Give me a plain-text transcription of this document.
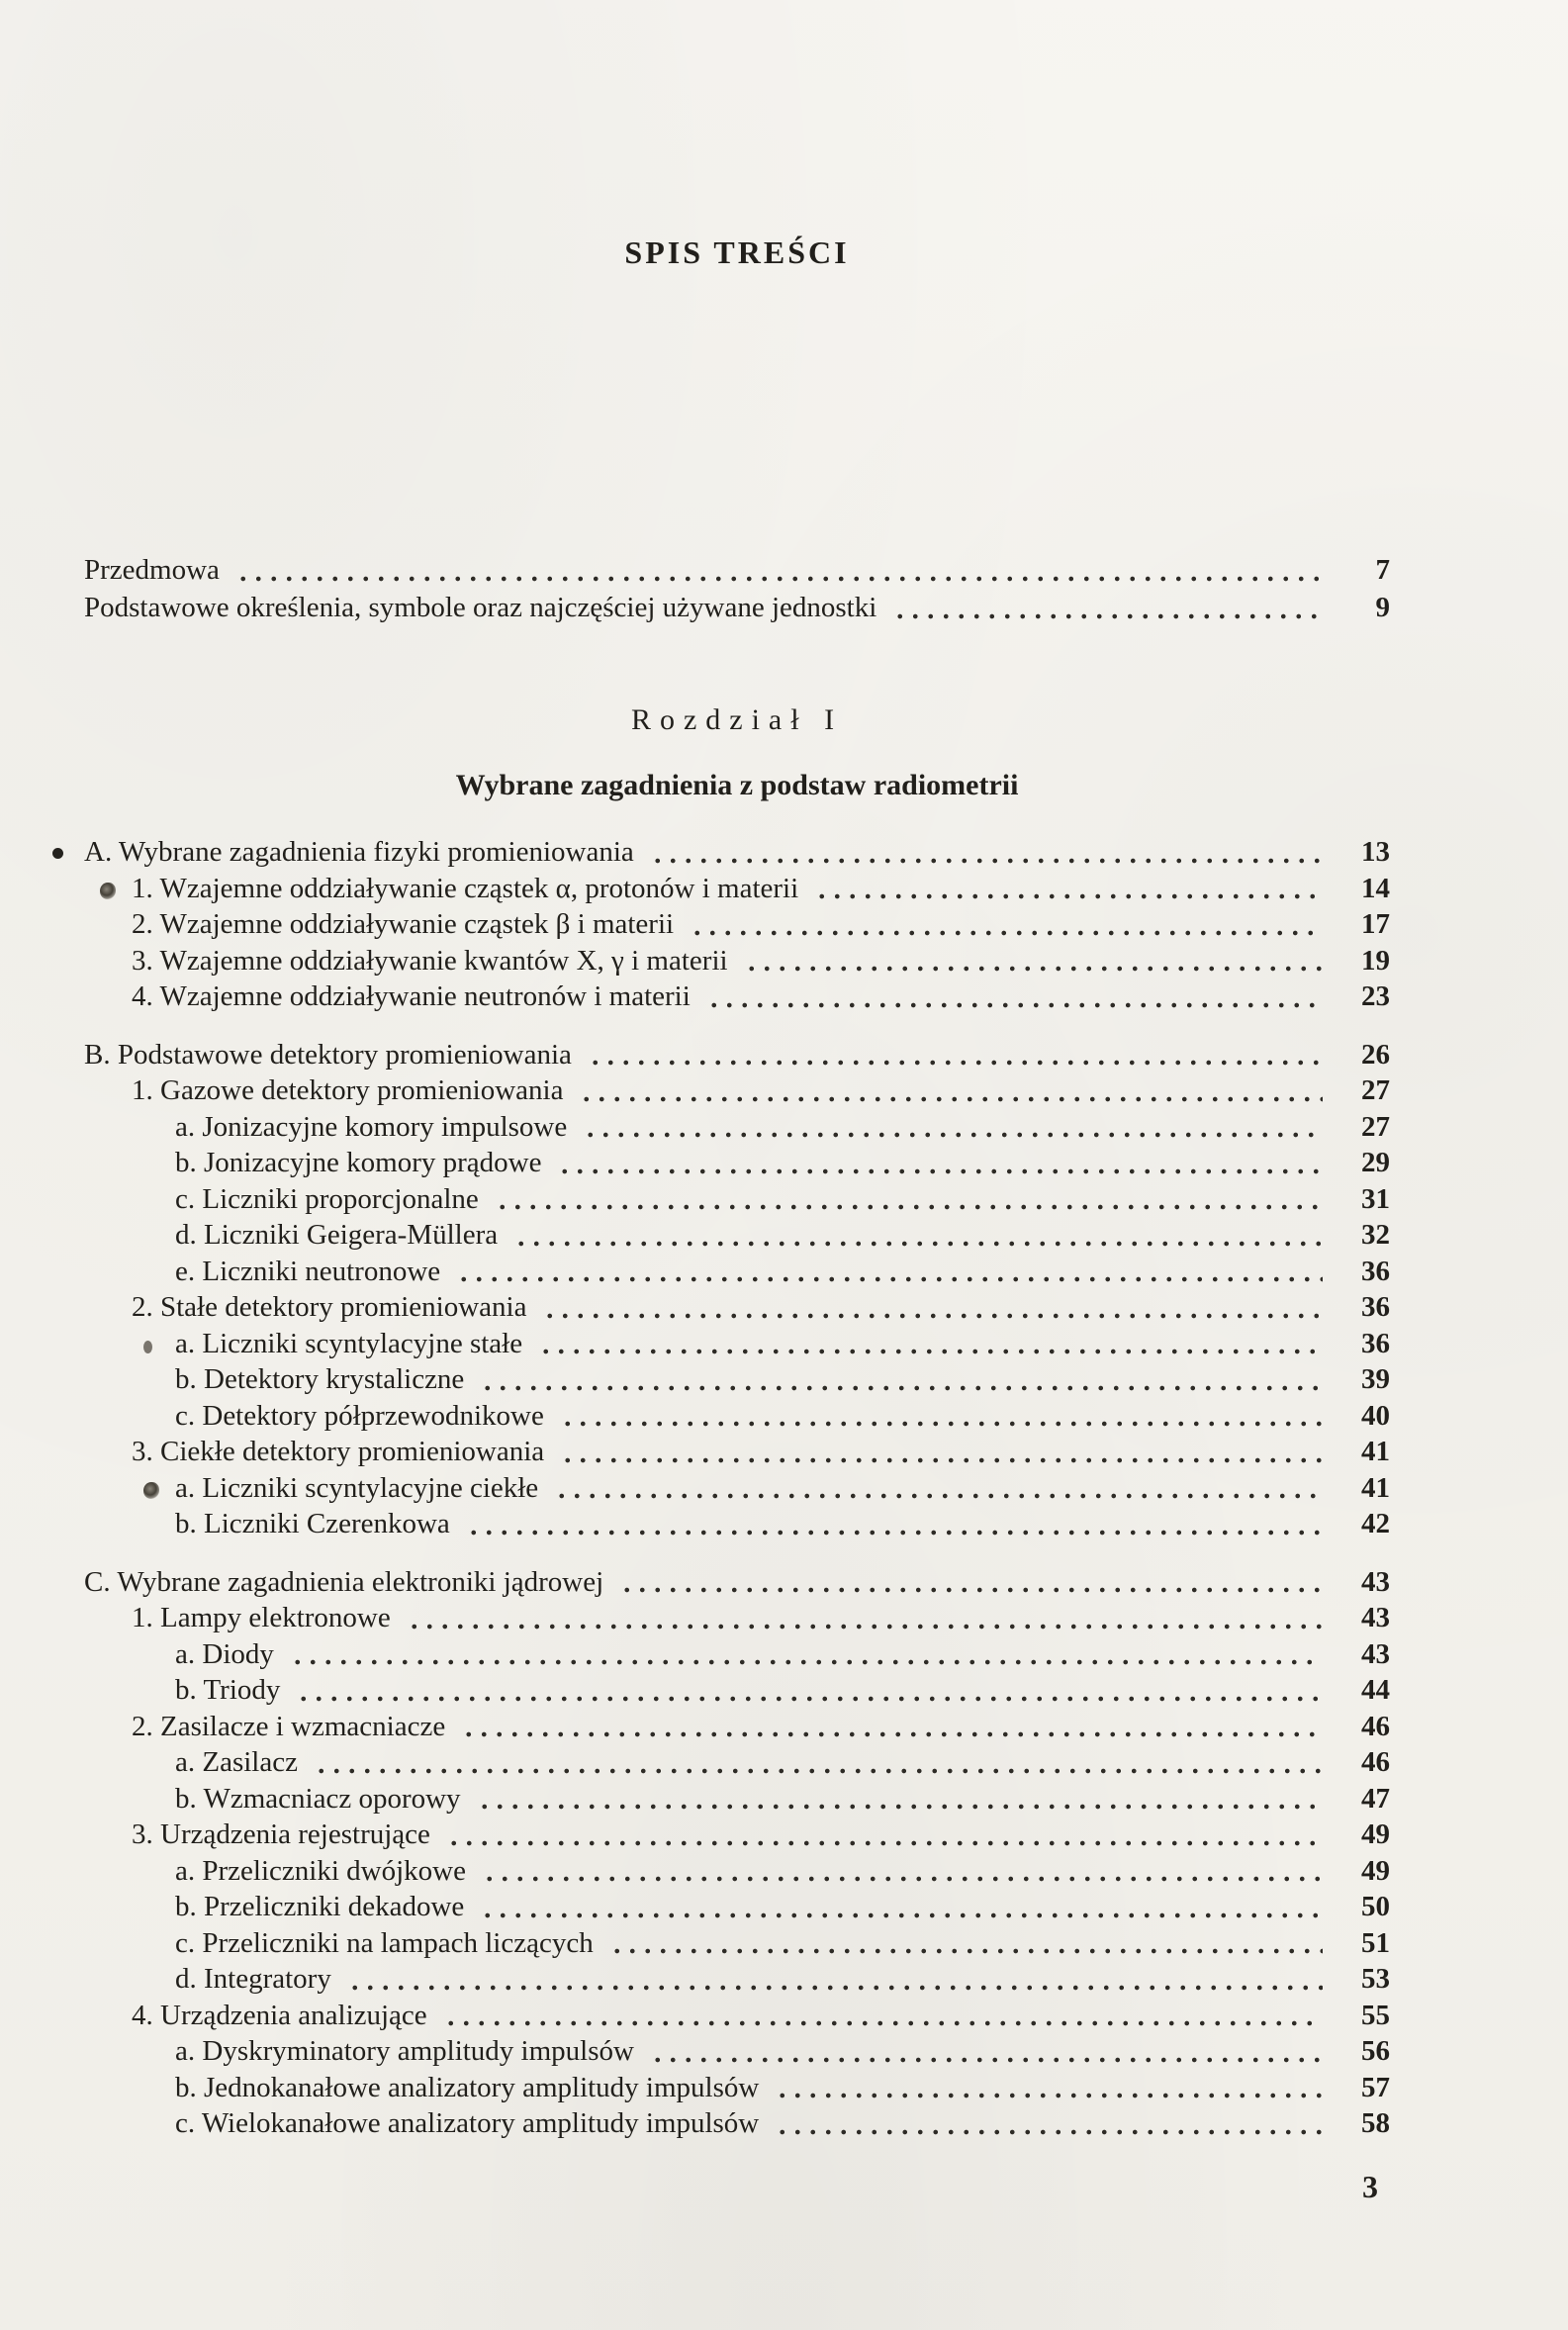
SPIS TREŚCI
Przedmowa	7
Podstawowe określenia, symbole oraz najczęściej używane jednostki	9
Rozdział I
Wybrane zagadnienia z podstaw radiometrii
A. Wybrane zagadnienia fizyki promieniowania	13
1. Wzajemne oddziaływanie cząstek α, protonów i materii	14
2. Wzajemne oddziaływanie cząstek β i materii	17
3. Wzajemne oddziaływanie kwantów X, γ i materii	19
4. Wzajemne oddziaływanie neutronów i materii	23
B. Podstawowe detektory promieniowania	26
1. Gazowe detektory promieniowania	27
a. Jonizacyjne komory impulsowe	27
b. Jonizacyjne komory prądowe	29
c. Liczniki proporcjonalne	31
d. Liczniki Geigera-Müllera	32
e. Liczniki neutronowe	36
2. Stałe detektory promieniowania	36
a. Liczniki scyntylacyjne stałe	36
b. Detektory krystaliczne	39
c. Detektory półprzewodnikowe	40
3. Ciekłe detektory promieniowania	41
a. Liczniki scyntylacyjne ciekłe	41
b. Liczniki Czerenkowa	42
C. Wybrane zagadnienia elektroniki jądrowej	43
1. Lampy elektronowe	43
a. Diody	43
b. Triody	44
2. Zasilacze i wzmacniacze	46
a. Zasilacz	46
b. Wzmacniacz oporowy	47
3. Urządzenia rejestrujące	49
a. Przeliczniki dwójkowe	49
b. Przeliczniki dekadowe	50
c. Przeliczniki na lampach liczących	51
d. Integratory	53
4. Urządzenia analizujące	55
a. Dyskryminatory amplitudy impulsów	56
b. Jednokanałowe analizatory amplitudy impulsów	57
c. Wielokanałowe analizatory amplitudy impulsów	58
3
